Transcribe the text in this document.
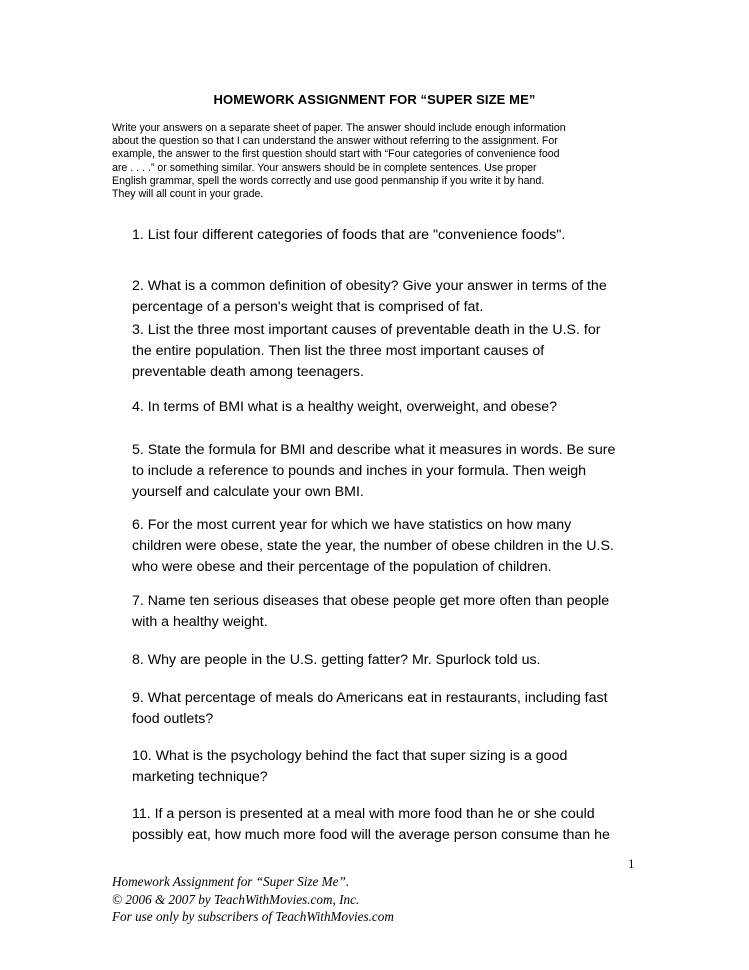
HOMEWORK ASSIGNMENT FOR “SUPER SIZE ME”
Write your answers on a separate sheet of paper. The answer should include enough information
about the question so that I can understand the answer without referring to the assignment. For
example, the answer to the first question should start with “Four categories of convenience food
are . . . .” or something similar. Your answers should be in complete sentences. Use proper
English grammar, spell the words correctly and use good penmanship if you write it by hand.
They will all count in your grade.
1. List four different categories of foods that are "convenience foods".
2. What is a common definition of obesity? Give your answer in terms of the
percentage of a person's weight that is comprised of fat.
3. List the three most important causes of preventable death in the U.S. for
the entire population. Then list the three most important causes of
preventable death among teenagers.
4. In terms of BMI what is a healthy weight, overweight, and obese?
5. State the formula for BMI and describe what it measures in words. Be sure
to include a reference to pounds and inches in your formula. Then weigh
yourself and calculate your own BMI.
6. For the most current year for which we have statistics on how many
children were obese, state the year, the number of obese children in the U.S.
who were obese and their percentage of the population of children.
7. Name ten serious diseases that obese people get more often than people
with a healthy weight.
8. Why are people in the U.S. getting fatter? Mr. Spurlock told us.
9. What percentage of meals do Americans eat in restaurants, including fast
food outlets?
10. What is the psychology behind the fact that super sizing is a good
marketing technique?
11. If a person is presented at a meal with more food than he or she could
possibly eat, how much more food will the average person consume than he
1
Homework Assignment for “Super Size Me”.
© 2006 & 2007 by TeachWithMovies.com, Inc.
For use only by subscribers of TeachWithMovies.com
